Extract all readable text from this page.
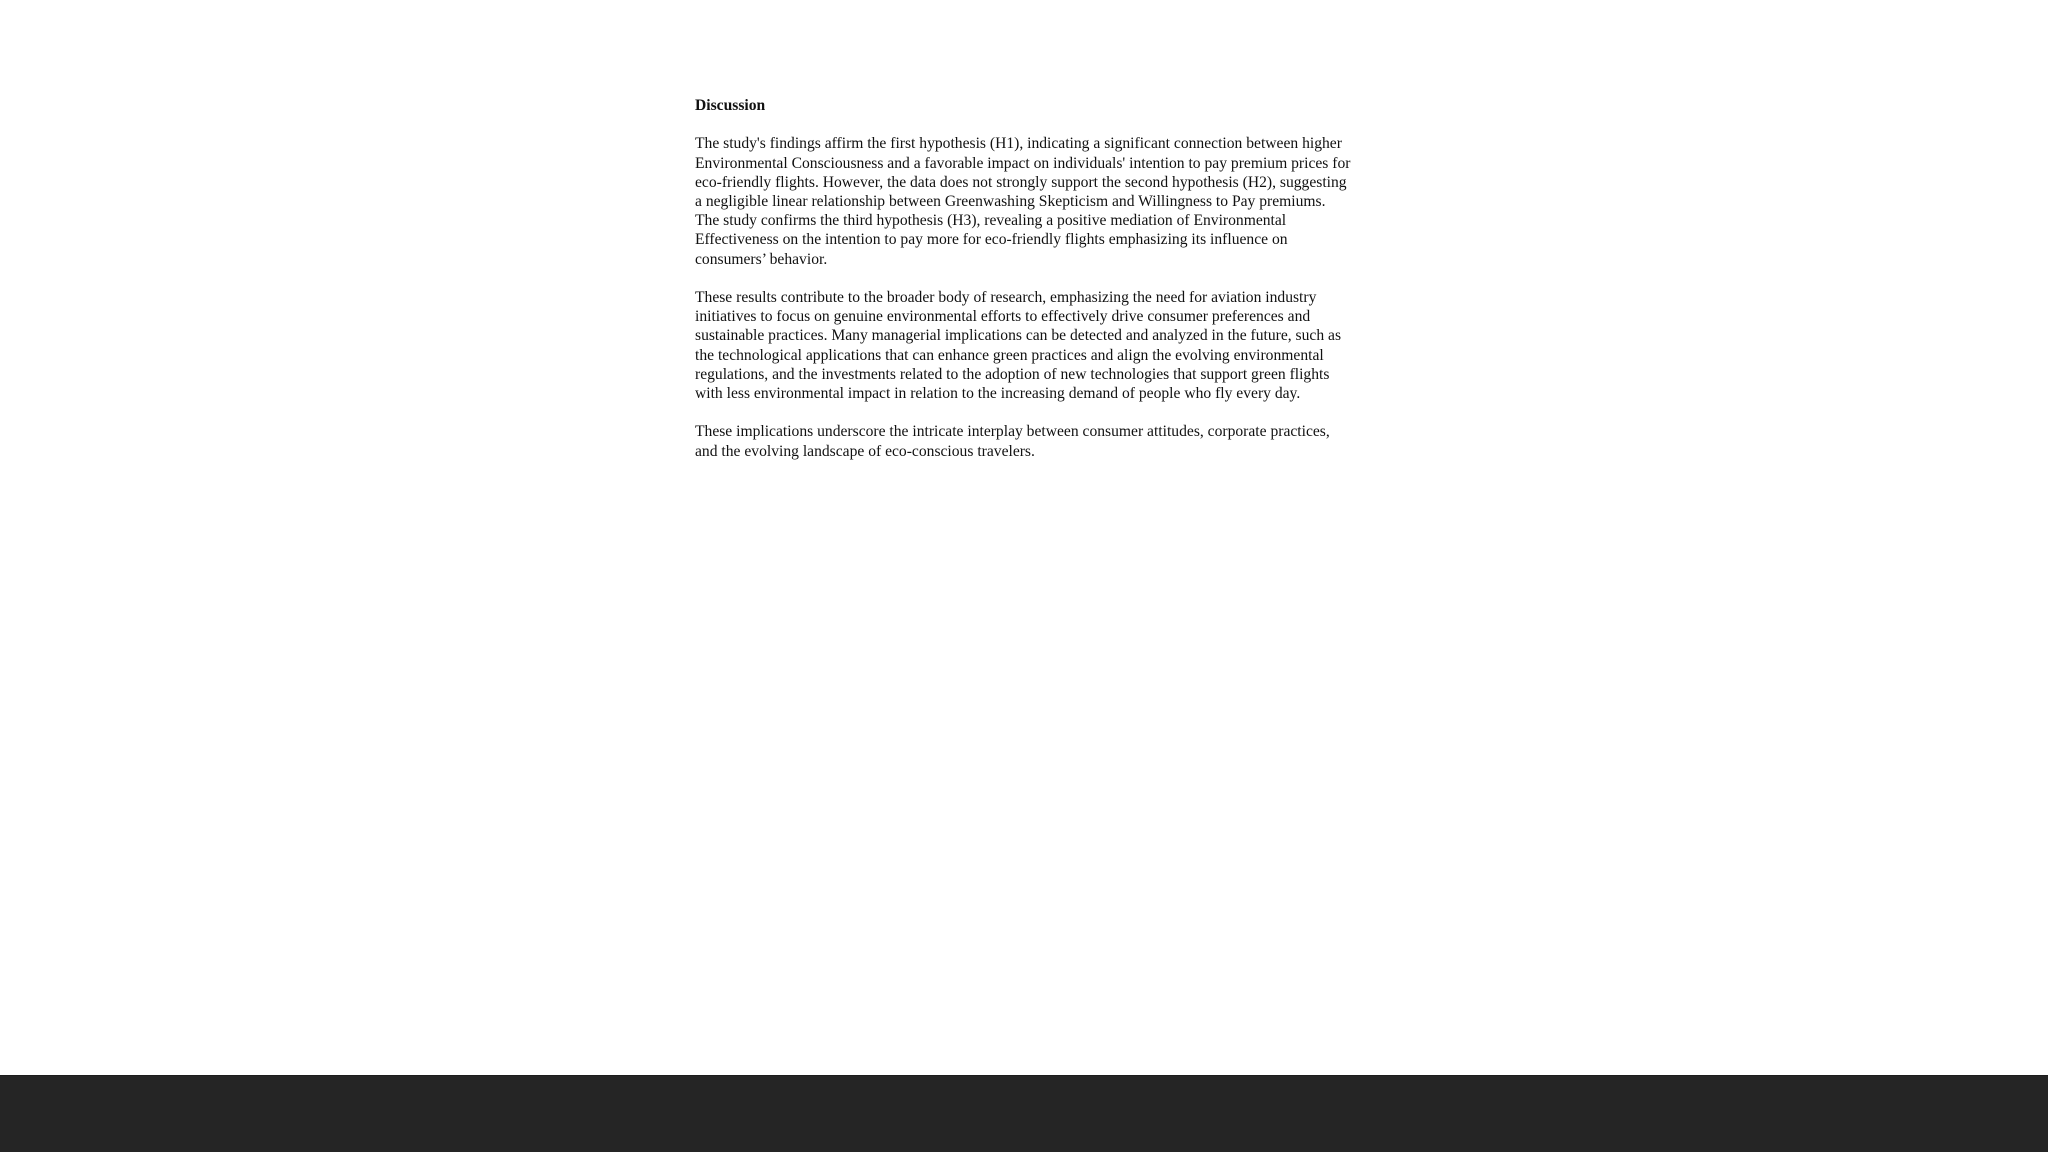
Discussion

The study's findings affirm the first hypothesis (H1), indicating a significant connection between higher Environmental Consciousness and a favorable impact on individuals' intention to pay premium prices for eco-friendly flights. However, the data does not strongly support the second hypothesis (H2), suggesting a negligible linear relationship between Greenwashing Skepticism and Willingness to Pay premiums.

The study confirms the third hypothesis (H3), revealing a positive mediation of Environmental Effectiveness on the intention to pay more for eco-friendly flights emphasizing its influence on consumers’ behavior.

These results contribute to the broader body of research, emphasizing the need for aviation industry initiatives to focus on genuine environmental efforts to effectively drive consumer preferences and sustainable practices. Many managerial implications can be detected and analyzed in the future, such as the technological applications that can enhance green practices and align the evolving environmental regulations, and the investments related to the adoption of new technologies that support green flights with less environmental impact in relation to the increasing demand of people who fly every day.

These implications underscore the intricate interplay between consumer attitudes, corporate practices, and the evolving landscape of eco-conscious travelers.
